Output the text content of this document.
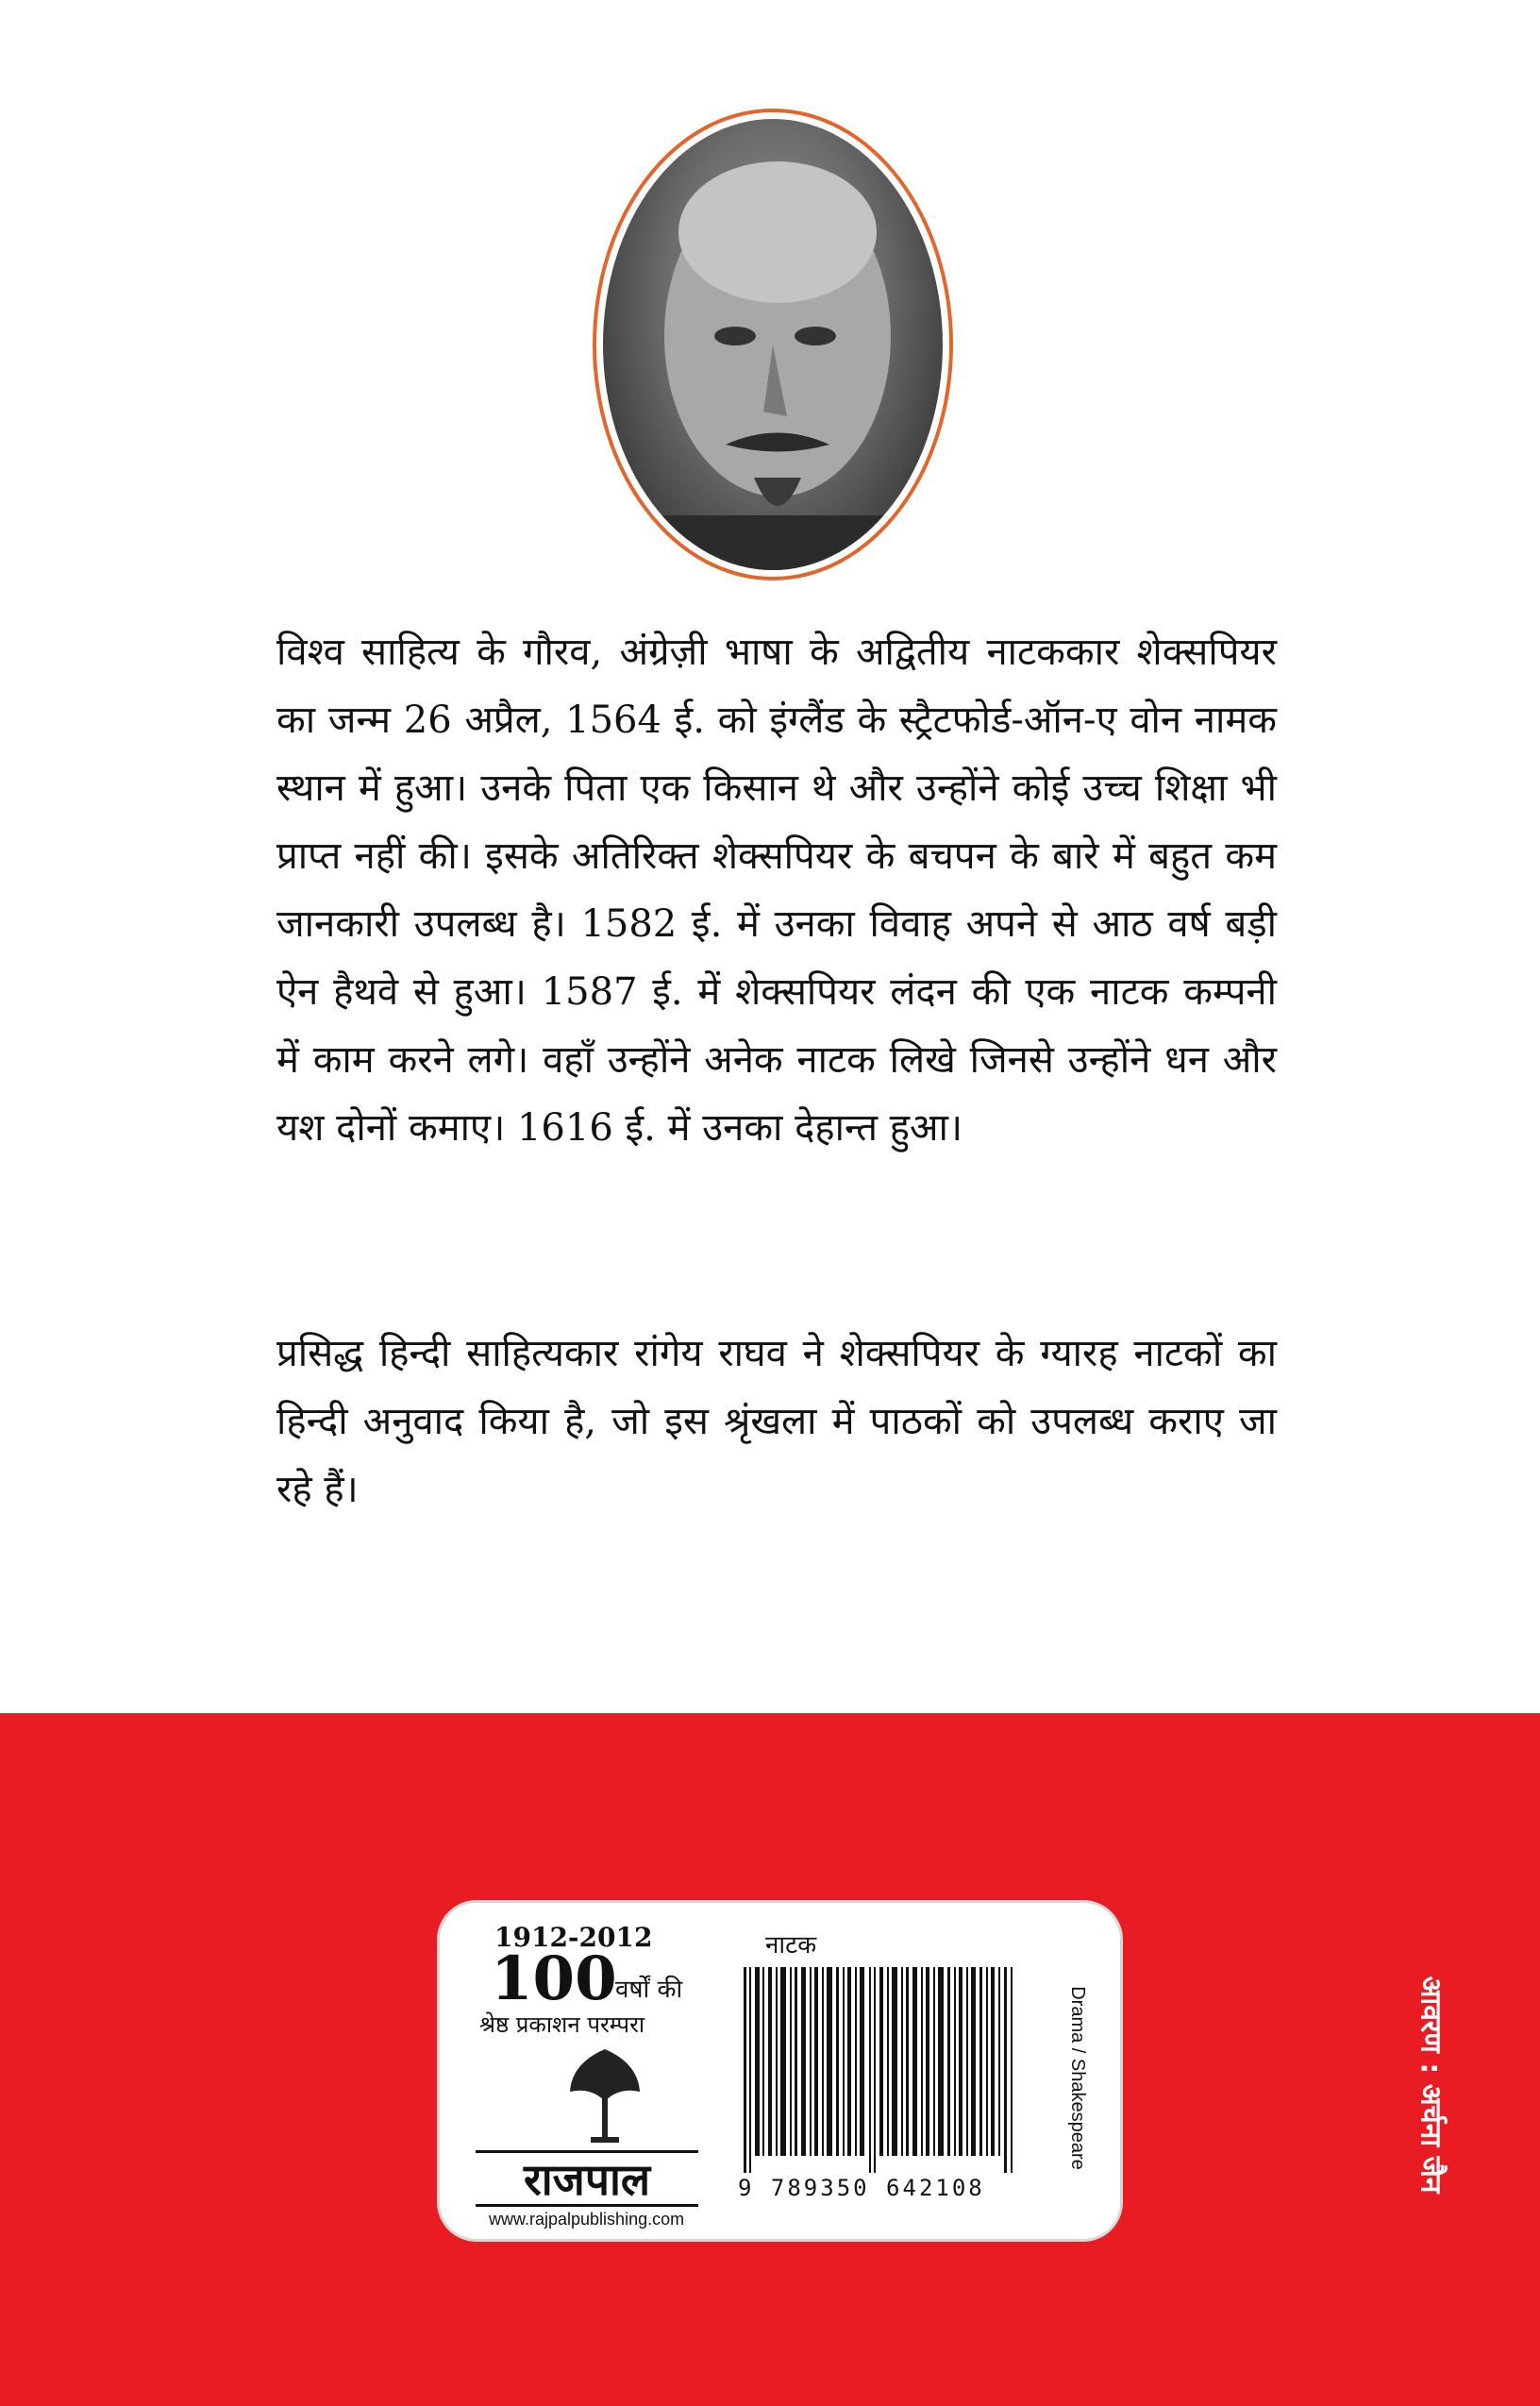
विश्व साहित्य के गौरव, अंग्रेज़ी भाषा के अद्वितीय नाटककार शेक्सपियर का जन्म 26 अप्रैल, 1564 ई. को इंग्लैंड के स्ट्रैटफोर्ड-ऑन-ए वोन नामक स्थान में हुआ। उनके पिता एक किसान थे और उन्होंने कोई उच्च शिक्षा भी प्राप्त नहीं की। इसके अतिरिक्त शेक्सपियर के बचपन के बारे में बहुत कम जानकारी उपलब्ध है। 1582 ई. में उनका विवाह अपने से आठ वर्ष बड़ी ऐन हैथवे से हुआ। 1587 ई. में शेक्सपियर लंदन की एक नाटक कम्पनी में काम करने लगे। वहाँ उन्होंने अनेक नाटक लिखे जिनसे उन्होंने धन और यश दोनों कमाए। 1616 ई. में उनका देहान्त हुआ।

प्रसिद्ध हिन्दी साहित्यकार रांगेय राघव ने शेक्सपियर के ग्यारह नाटकों का हिन्दी अनुवाद किया है, जो इस श्रृंखला में पाठकों को उपलब्ध कराए जा रहे हैं।

आवरण : अर्चना जैन
1912-2012
100
वर्षों की
श्रेष्ठ प्रकाशन परम्परा
राजपाल
www.rajpalpublishing.com
नाटक
9 789350 642108
Drama / Shakespeare
